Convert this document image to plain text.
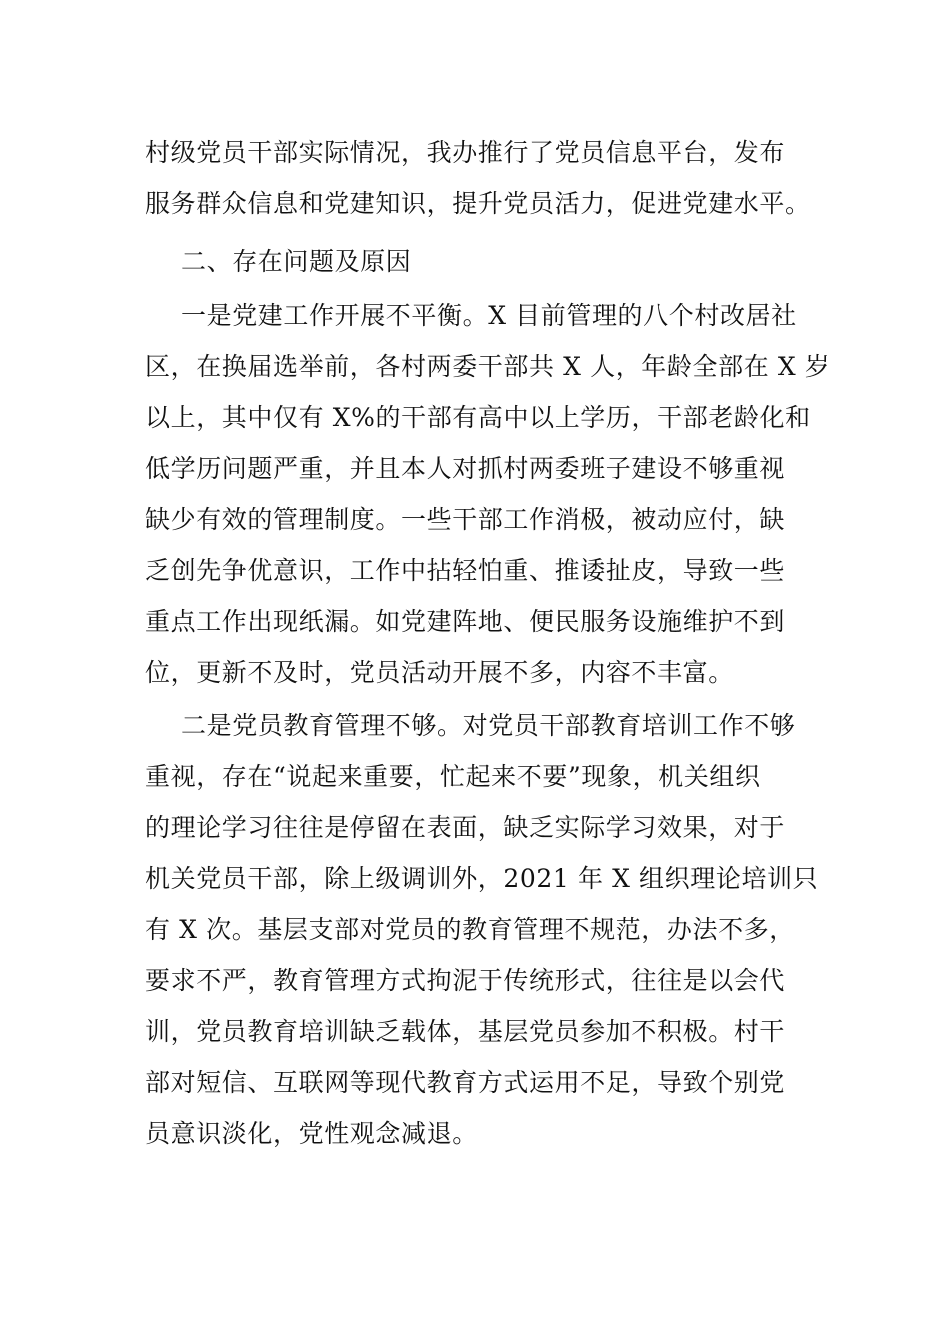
村级党员干部实际情况，我办推行了党员信息平台，发布
服务群众信息和党建知识，提升党员活力，促进党建水平。
二、存在问题及原因
一是党建工作开展不平衡。X 目前管理的八个村改居社
区，在换届选举前，各村两委干部共 X 人，年龄全部在 X 岁
以上，其中仅有 X%的干部有高中以上学历，干部老龄化和
低学历问题严重，并且本人对抓村两委班子建设不够重视
缺少有效的管理制度。一些干部工作消极，被动应付，缺
乏创先争优意识，工作中拈轻怕重、推诿扯皮，导致一些
重点工作出现纸漏。如党建阵地、便民服务设施维护不到
位，更新不及时，党员活动开展不多，内容不丰富。
二是党员教育管理不够。对党员干部教育培训工作不够
重视，存在“说起来重要，忙起来不要”现象，机关组织
的理论学习往往是停留在表面，缺乏实际学习效果，对于
机关党员干部，除上级调训外，2021 年 X 组织理论培训只
有 X 次。基层支部对党员的教育管理不规范，办法不多，
要求不严，教育管理方式拘泥于传统形式，往往是以会代
训，党员教育培训缺乏载体，基层党员参加不积极。村干
部对短信、互联网等现代教育方式运用不足，导致个别党
员意识淡化，党性观念减退。
